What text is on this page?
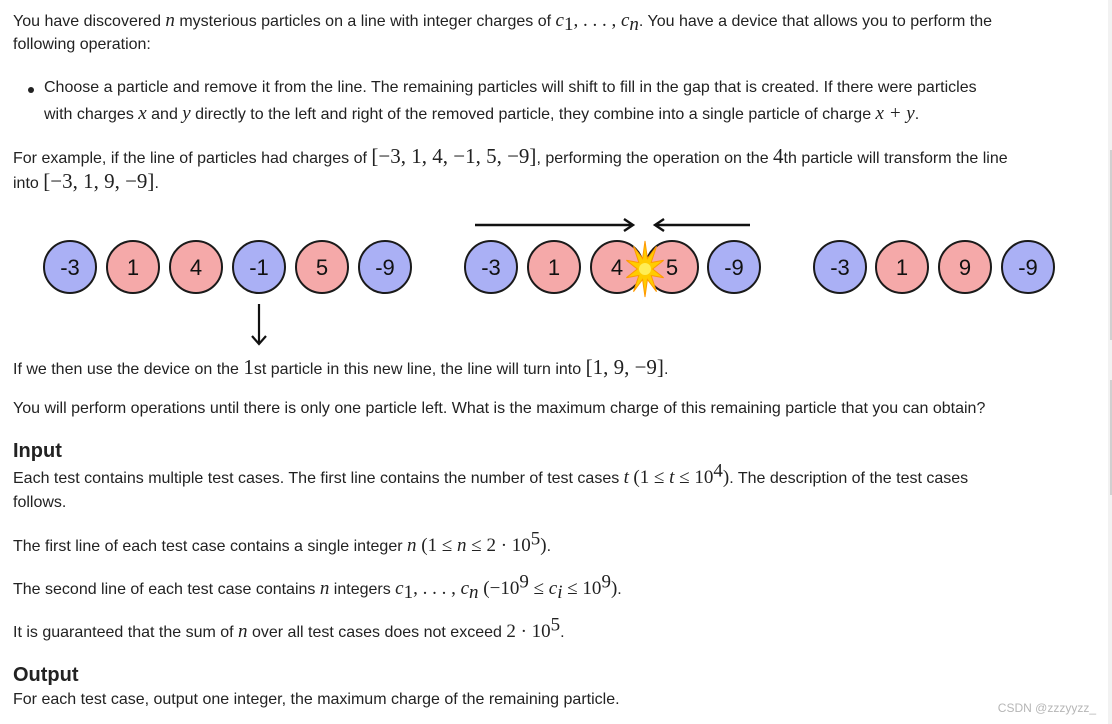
You have discovered n mysterious particles on a line with integer charges of $c_1$, . . . , $c_n$. You have a device that allows you to perform the
following operation:
Choose a particle and remove it from the line. The remaining particles will shift to fill in the gap that is created. If there were particles
with charges x and y directly to the left and right of the removed particle, they combine into a single particle of charge x + y.
For example, if the line of particles had charges of [−3, 1, 4, −1, 5, −9], performing the operation on the 4th particle will transform the line
into [−3, 1, 9, −9].
-3 1 4 -1 5 -9	-3 1 4 5 -9	-3 1 9 -9
If we then use the device on the 1st particle in this new line, the line will turn into [1, 9, −9].
You will perform operations until there is only one particle left. What is the maximum charge of this remaining particle that you can obtain?
Input
Each test contains multiple test cases. The first line contains the number of test cases t $(1 \le t \le 10^4)$. The description of the test cases
follows.
The first line of each test case contains a single integer n $(1 \le n \le 2 \cdot 10^5)$.
The second line of each test case contains n integers $c_1$, . . . , $c_n$ $(-10^9 \le c_i \le 10^9)$.
It is guaranteed that the sum of n over all test cases does not exceed $2 \cdot 10^5$.
Output
For each test case, output one integer, the maximum charge of the remaining particle.	CSDN @zzzyyzz_
